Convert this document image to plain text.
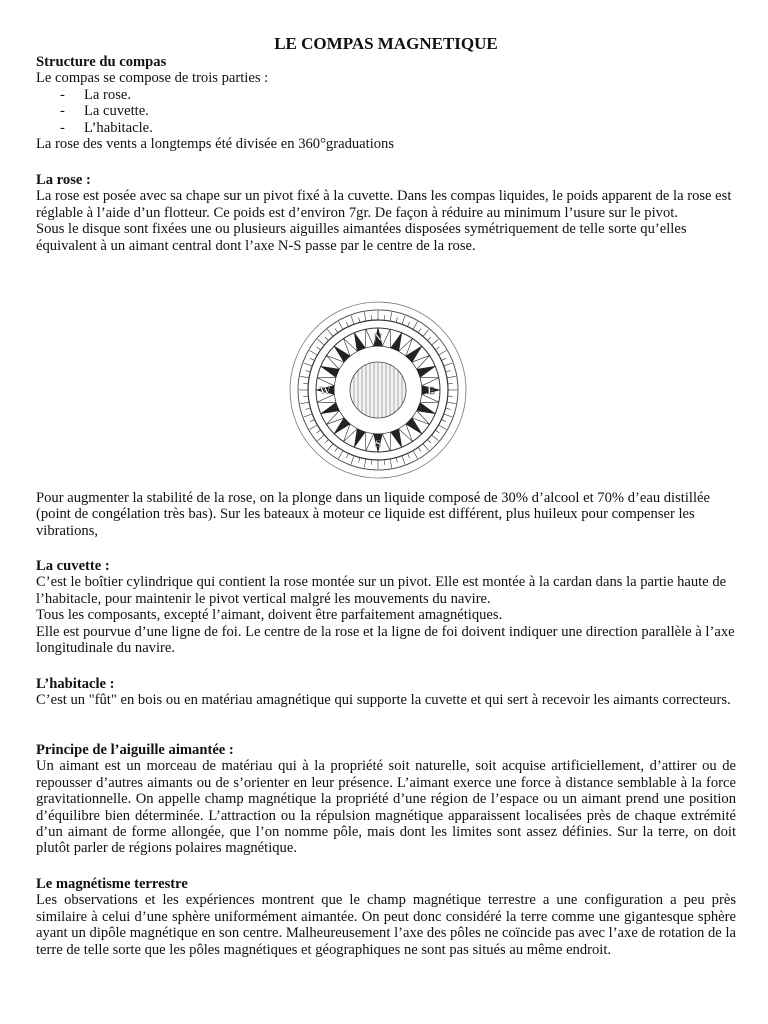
LE COMPAS MAGNETIQUE

Structure du compas

Le compas se compose de trois parties :

- La rose.
- La cuvette.
- L’habitacle.

La rose des vents a longtemps été divisée en 360°graduations

La rose :

La rose est posée avec sa chape sur un pivot fixé à la cuvette. Dans les compas liquides, le poids apparent de la rose est réglable à l’aide d’un flotteur. Ce poids est d’environ 7gr. De façon à réduire au minimum l’usure sur le pivot.

Sous le disque sont fixées une ou plusieurs aiguilles aimantées disposées symétriquement de telle sorte qu’elles équivalent à un aimant central dont l’axe N-S passe par le centre de la rose.

Pour augmenter la stabilité de la rose, on la plonge dans un liquide composé de 30% d’alcool et 70% d’eau distillée (point de congélation très bas). Sur les bateaux à moteur ce liquide est différent, plus huileux pour compenser les vibrations,

La cuvette :

C’est le boîtier cylindrique qui contient la rose montée sur un pivot. Elle est montée à la cardan dans la partie haute de l’habitacle, pour maintenir le pivot vertical malgré les mouvements du navire.

Tous les composants, excepté l’aimant, doivent être parfaitement amagnétiques.

Elle est pourvue d’une ligne de foi. Le centre de la rose et la ligne de foi doivent indiquer une direction parallèle à l’axe longitudinale du navire.

L’habitacle :

C’est un "fût" en bois ou en matériau amagnétique qui supporte la cuvette et qui sert à recevoir les aimants correcteurs.

Principe de l’aiguille aimantée :

Un aimant est un morceau de matériau qui à la propriété soit naturelle, soit acquise artificiellement, d’attirer ou de repousser d’autres aimants ou de s’orienter en leur présence. L’aimant exerce une force à distance semblable à la force gravitationnelle. On appelle champ magnétique la propriété d’une région de l’espace ou un aimant prend une position d’équilibre bien déterminée. L’attraction ou la répulsion magnétique apparaissent localisées près de chaque extrémité d’un aimant de forme allongée, que l’on nomme pôle, mais dont les limites sont assez définies. Sur la terre, on doit plutôt parler de régions polaires magnétique.

Le magnétisme terrestre

Les observations et les expériences montrent que le champ magnétique terrestre a une configuration a peu près similaire à celui d’une sphère uniformément aimantée. On peut donc considéré la terre comme une gigantesque sphère ayant un dipôle magnétique en son centre. Malheureusement l’axe des pôles ne coïncide pas avec l’axe de rotation de la terre de telle sorte que les pôles magnétiques et géographiques ne sont pas situés au même endroit.

N
E
S
W
